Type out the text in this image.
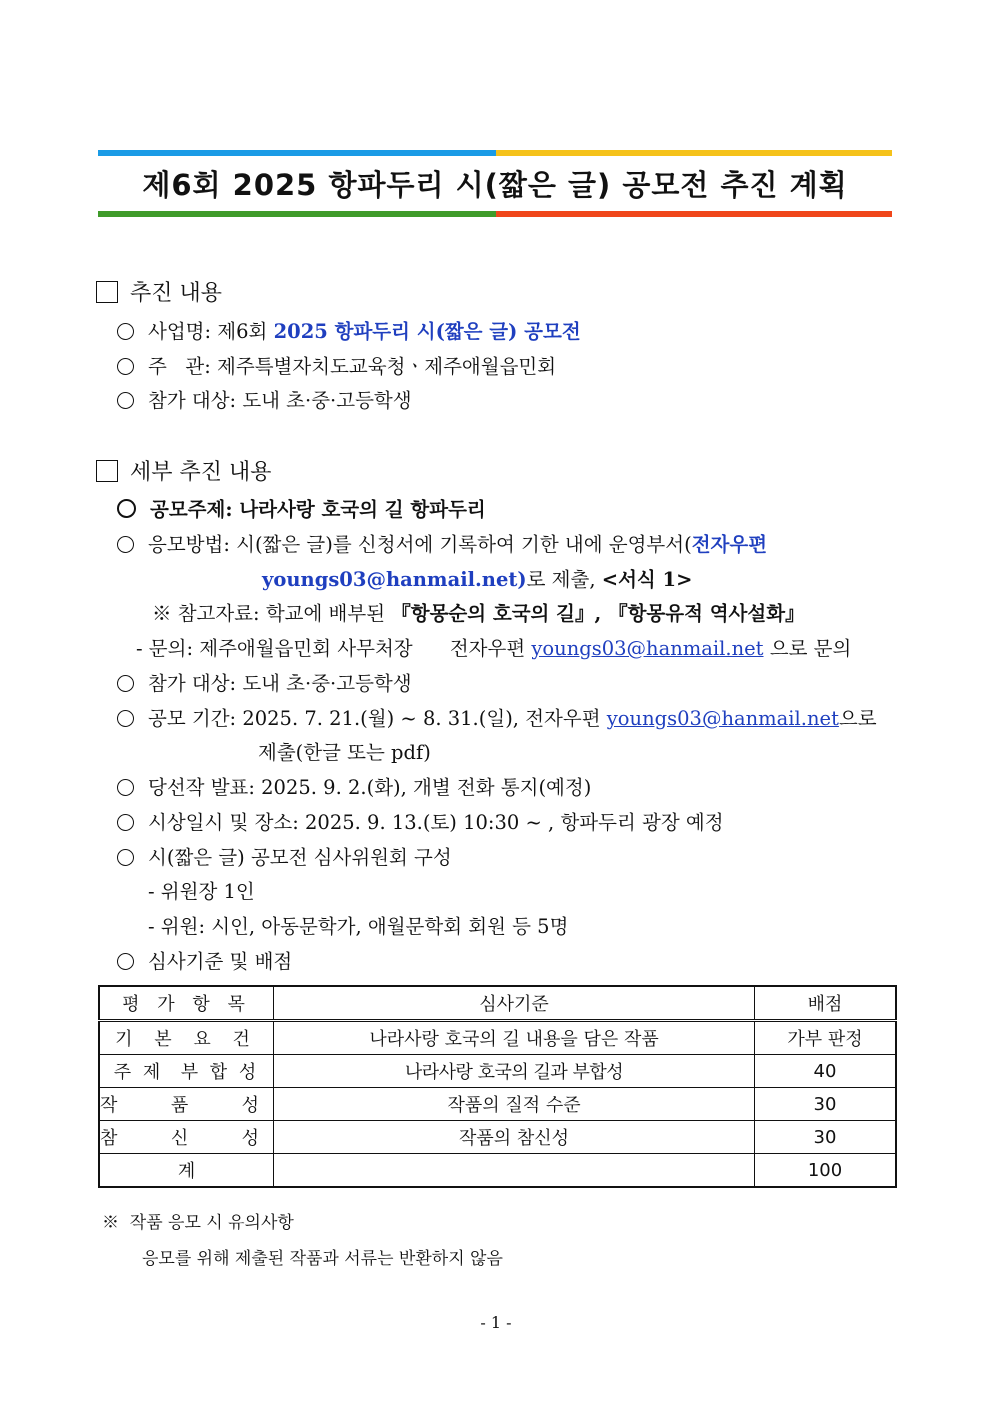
제6회 2025 항파두리 시(짧은 글) 공모전 추진 계획
추진 내용
사업명: 제6회 2025 항파두리 시(짧은 글) 공모전
주   관: 제주특별자치도교육청ㆍ제주애월읍민회
참가 대상: 도내 초·중·고등학생
세부 추진 내용
공모주제: 나라사랑 호국의 길 항파두리
응모방법: 시(짧은 글)를 신청서에 기록하여 기한 내에 운영부서(전자우편
youngs03@hanmail.net)로 제출, <서식 1>
※ 참고자료: 학교에 배부된 『항몽순의 호국의 길』, 『항몽유적 역사설화』
- 문의: 제주애월읍민회 사무처장      전자우편 youngs03@hanmail.net 으로 문의
참가 대상: 도내 초·중·고등학생
공모 기간: 2025. 7. 21.(월) ~ 8. 31.(일), 전자우편 youngs03@hanmail.net으로
제출(한글 또는 pdf)
당선작 발표: 2025. 9. 2.(화), 개별 전화 통지(예정)
시상일시 및 장소: 2025. 9. 13.(토) 10:30 ~ , 항파두리 광장 예정
시(짧은 글) 공모전 심사위원회 구성
- 위원장 1인
- 위원: 시인, 아동문학가, 애월문학회 회원 등 5명
심사기준 및 배점
평 가 항 목	심사기준	배점
기 본 요 건	나라사랑 호국의 길 내용을 담은 작품	가부 판정
주 제  부 합 성	나라사랑 호국의 길과 부합성	40
작  품  성	작품의 질적 수준	30
참  신  성	작품의 참신성	30
계		100
※  작품 응모 시 유의사항
응모를 위해 제출된 작품과 서류는 반환하지 않음
- 1 -
